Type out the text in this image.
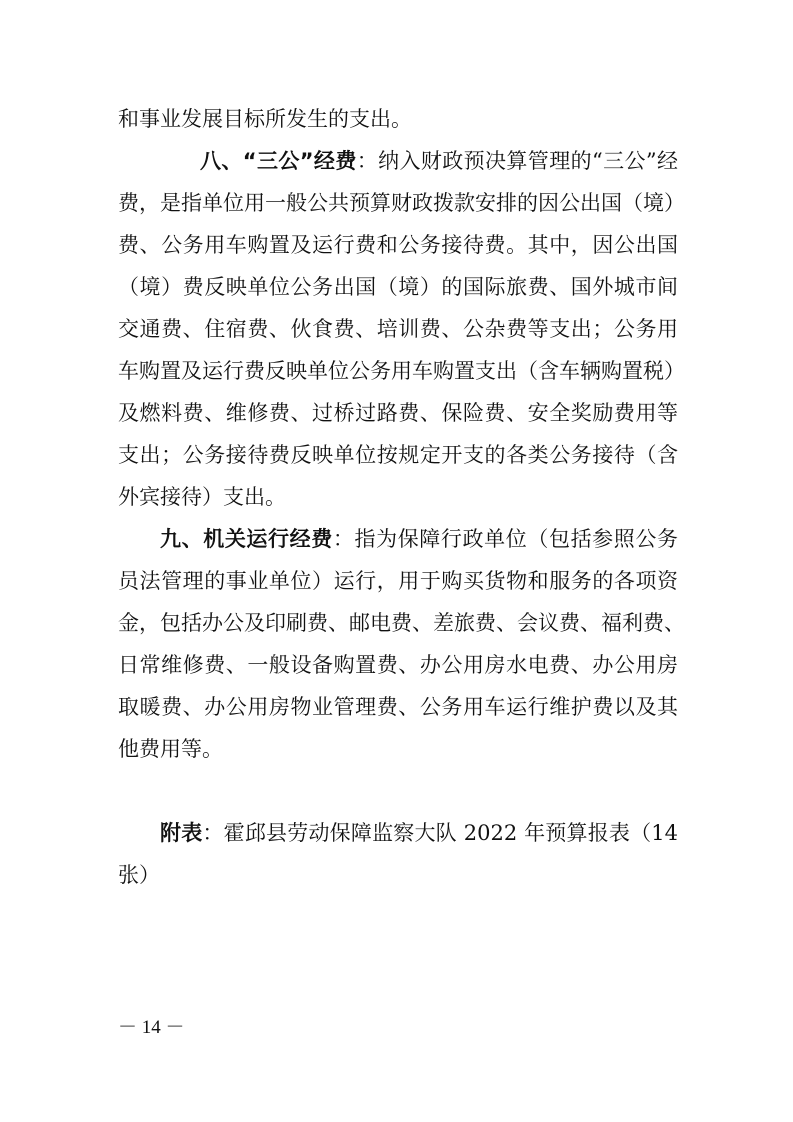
和事业发展目标所发生的支出。
八、“三公”经费：纳入财政预决算管理的“三公”经
费，是指单位用一般公共预算财政拨款安排的因公出国（境）
费、公务用车购置及运行费和公务接待费。其中，因公出国
（境）费反映单位公务出国（境）的国际旅费、国外城市间
交通费、住宿费、伙食费、培训费、公杂费等支出；公务用
车购置及运行费反映单位公务用车购置支出（含车辆购置税）
及燃料费、维修费、过桥过路费、保险费、安全奖励费用等
支出；公务接待费反映单位按规定开支的各类公务接待（含
外宾接待）支出。
九、机关运行经费：指为保障行政单位（包括参照公务
员法管理的事业单位）运行，用于购买货物和服务的各项资
金，包括办公及印刷费、邮电费、差旅费、会议费、福利费、
日常维修费、一般设备购置费、办公用房水电费、办公用房
取暖费、办公用房物业管理费、公务用车运行维护费以及其
他费用等。
附表：霍邱县劳动保障监察大队 2022 年预算报表（14
张）
－ 14 －
